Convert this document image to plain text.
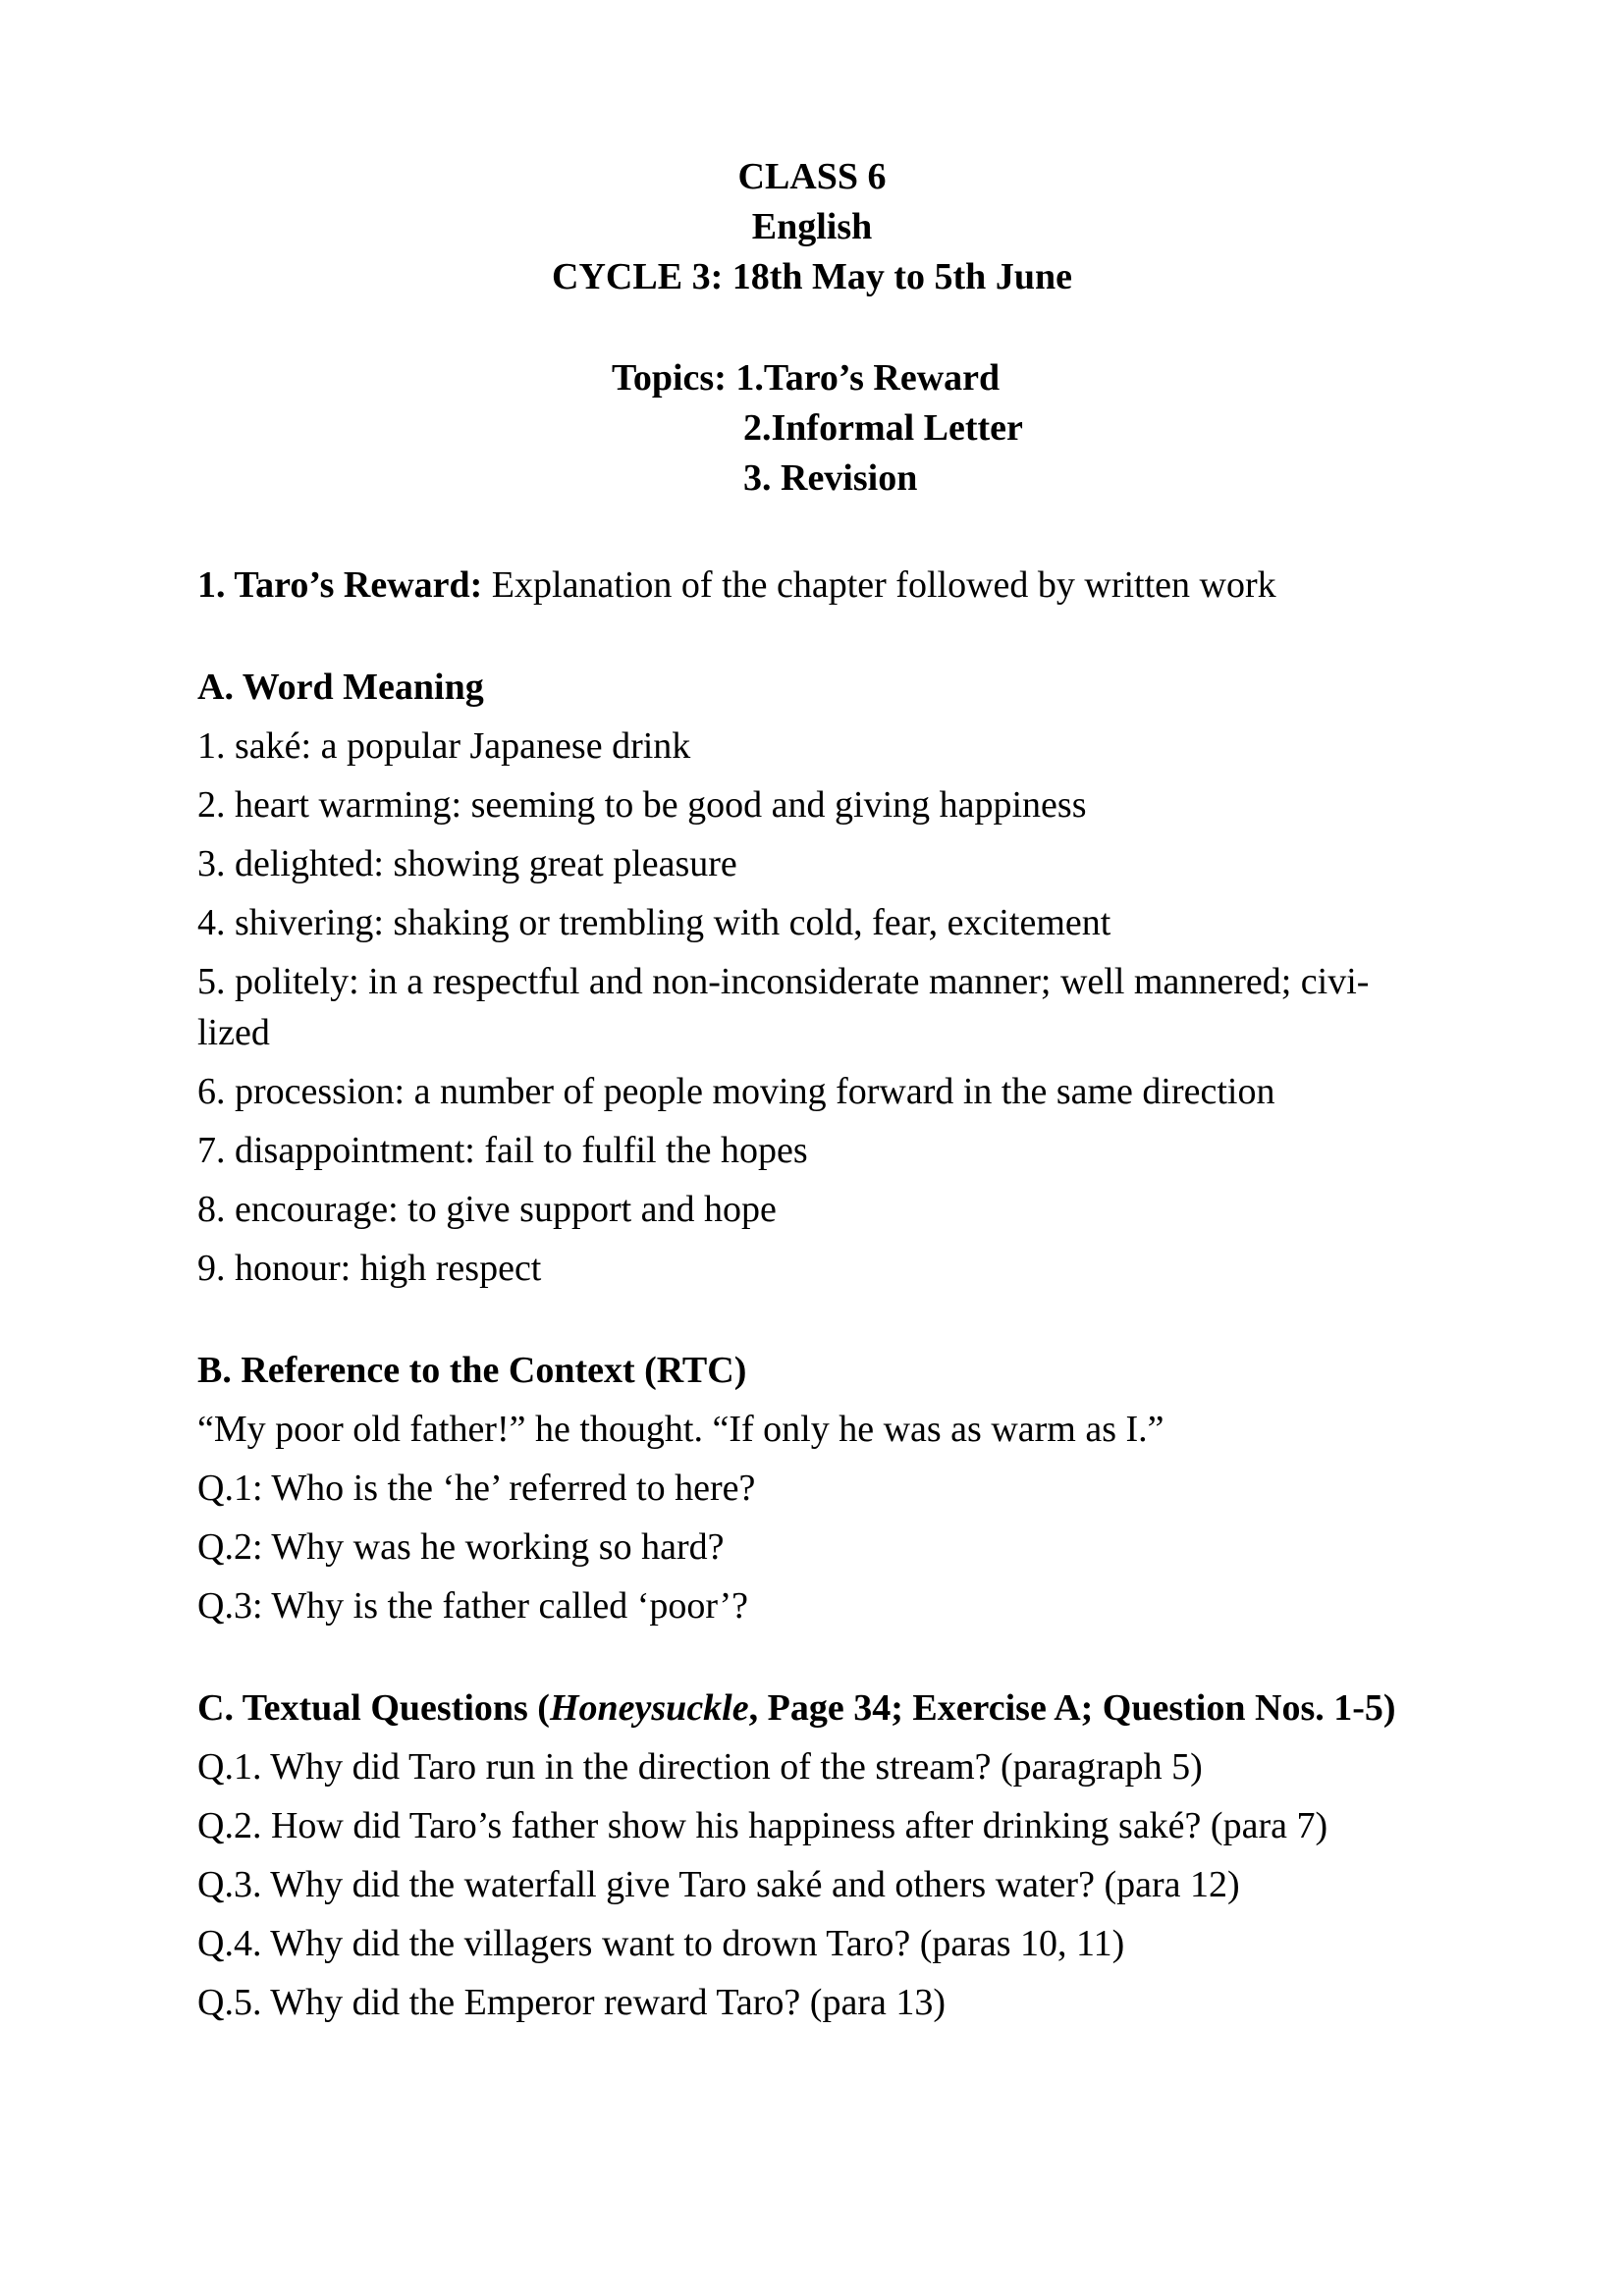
CLASS 6
English
CYCLE 3: 18th May to 5th June
Topics: 1.Taro’s Reward
2.Informal Letter
3. Revision

1. Taro’s Reward: Explanation of the chapter followed by written work

A. Word Meaning

1. saké: a popular Japanese drink

2. heart warming: seeming to be good and giving happiness

3. delighted: showing great pleasure

4. shivering: shaking or trembling with cold, fear, excitement

5. politely: in a respectful and non-inconsiderate manner; well mannered; civi-lized

6. procession: a number of people moving forward in the same direction

7. disappointment: fail to fulfil the hopes

8. encourage: to give support and hope

9. honour: high respect

B. Reference to the Context (RTC)

“My poor old father!” he thought. “If only he was as warm as I.”

Q.1: Who is the ‘he’ referred to here?

Q.2: Why was he working so hard?

Q.3: Why is the father called ‘poor’?

C. Textual Questions (Honeysuckle, Page 34; Exercise A; Question Nos. 1-5)

Q.1. Why did Taro run in the direction of the stream? (paragraph 5)

Q.2. How did Taro’s father show his happiness after drinking saké? (para 7)

Q.3. Why did the waterfall give Taro saké and others water? (para 12)

Q.4. Why did the villagers want to drown Taro? (paras 10, 11)

Q.5. Why did the Emperor reward Taro? (para 13)
